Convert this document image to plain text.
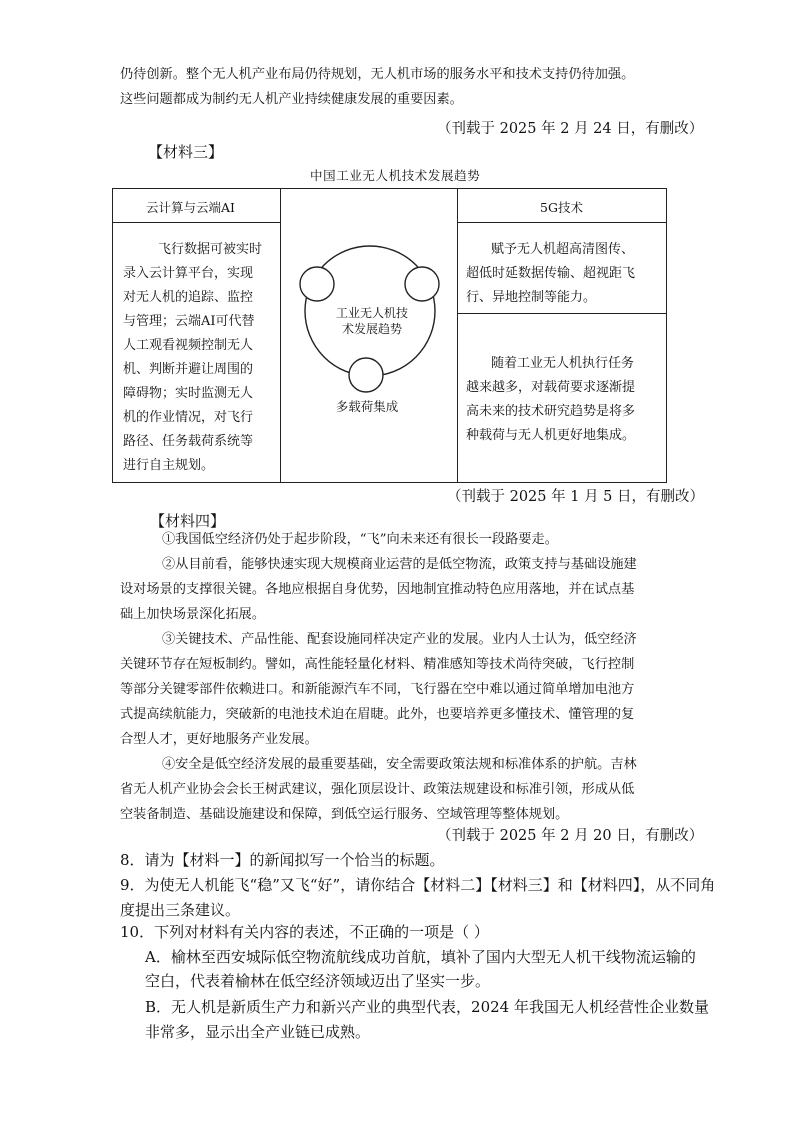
仍待创新。整个无人机产业布局仍待规划，无人机市场的服务水平和技术支持仍待加强。
这些问题都成为制约无人机产业持续健康发展的重要因素。
（刊载于 2025 年 2 月 24 日，有删改）
【材料三】
中国工业无人机技术发展趋势
云计算与云端AI
飞行数据可被实时
录入云计算平台，实现
对无人机的追踪、监控
与管理；云端AI可代替
人工观看视频控制无人
机、判断并避让周围的
障碍物；实时监测无人
机的作业情况，对飞行
路径、任务载荷系统等
进行自主规划。
工业无人机技
术发展趋势
多载荷集成
5G技术
赋予无人机超高清图传、
超低时延数据传输、超视距飞
行、异地控制等能力。
随着工业无人机执行任务
越来越多，对载荷要求逐渐提
高未来的技术研究趋势是将多
种载荷与无人机更好地集成。
（刊载于 2025 年 1 月 5 日，有删改）
【材料四】
①我国低空经济仍处于起步阶段，“飞”向未来还有很长一段路要走。
②从目前看，能够快速实现大规模商业运营的是低空物流，政策支持与基础设施建
设对场景的支撑很关键。各地应根据自身优势，因地制宜推动特色应用落地，并在试点基
础上加快场景深化拓展。
③关键技术、产品性能、配套设施同样决定产业的发展。业内人士认为，低空经济
关键环节存在短板制约。譬如，高性能轻量化材料、精准感知等技术尚待突破，飞行控制
等部分关键零部件依赖进口。和新能源汽车不同，飞行器在空中难以通过简单增加电池方
式提高续航能力，突破新的电池技术迫在眉睫。此外，也要培养更多懂技术、懂管理的复
合型人才，更好地服务产业发展。
④安全是低空经济发展的最重要基础，安全需要政策法规和标准体系的护航。吉林
省无人机产业协会会长王树武建议，强化顶层设计、政策法规建设和标准引领，形成从低
空装备制造、基础设施建设和保障，到低空运行服务、空域管理等整体规划。
（刊载于 2025 年 2 月 20 日，有删改）
8．请为【材料一】的新闻拟写一个恰当的标题。
9．为使无人机能飞“稳”又飞“好”，请你结合【材料二】【材料三】和【材料四】，从不同角
度提出三条建议。
10．下列对材料有关内容的表述，不正确的一项是（ ）
A．榆林至西安城际低空物流航线成功首航，填补了国内大型无人机干线物流运输的
空白，代表着榆林在低空经济领域迈出了坚实一步。
B．无人机是新质生产力和新兴产业的典型代表，2024 年我国无人机经营性企业数量
非常多，显示出全产业链已成熟。
